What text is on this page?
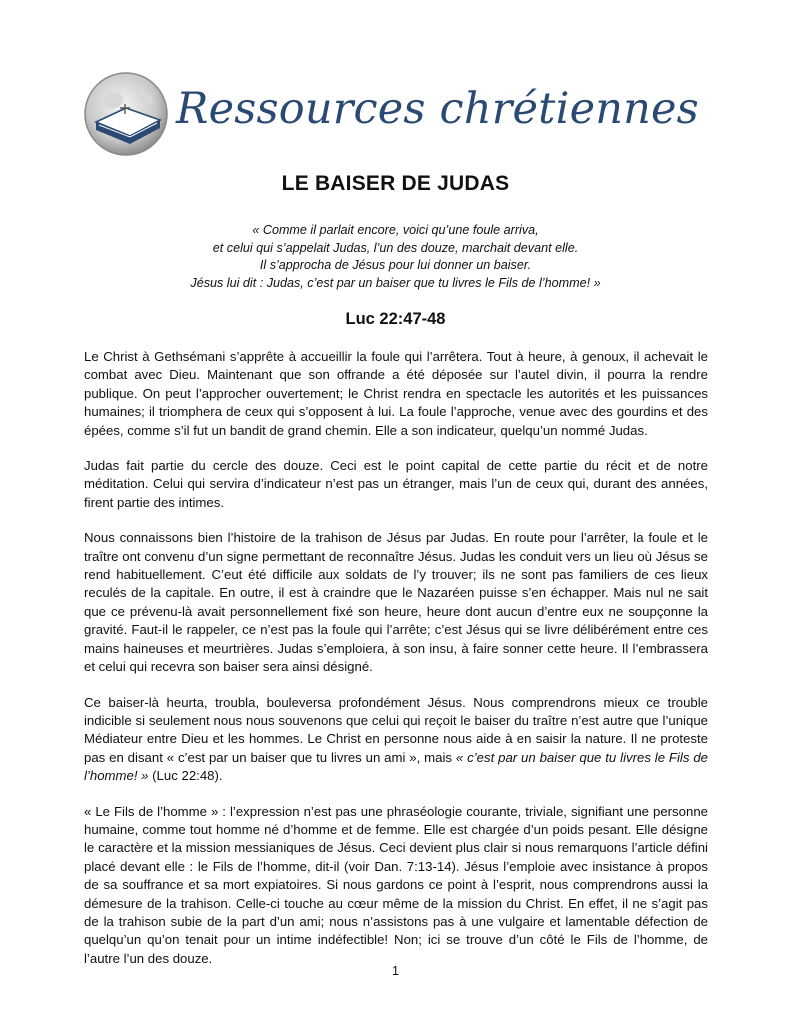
Ressources chrétiennes
LE BAISER DE JUDAS
« Comme il parlait encore, voici qu’une foule arriva,
et celui qui s’appelait Judas, l’un des douze, marchait devant elle.
Il s’approcha de Jésus pour lui donner un baiser.
Jésus lui dit : Judas, c’est par un baiser que tu livres le Fils de l’homme! »
Luc 22:47-48

Le Christ à Gethsémani s’apprête à accueillir la foule qui l’arrêtera. Tout à heure, à genoux, il achevait le combat avec Dieu. Maintenant que son offrande a été déposée sur l’autel divin, il pourra la rendre publique. On peut l’approcher ouvertement; le Christ rendra en spectacle les autorités et les puissances humaines; il triomphera de ceux qui s’opposent à lui. La foule l’approche, venue avec des gourdins et des épées, comme s’il fut un bandit de grand chemin. Elle a son indicateur, quelqu’un nommé Judas.

Judas fait partie du cercle des douze. Ceci est le point capital de cette partie du récit et de notre méditation. Celui qui servira d’indicateur n’est pas un étranger, mais l’un de ceux qui, durant des années, firent partie des intimes.

Nous connaissons bien l’histoire de la trahison de Jésus par Judas. En route pour l’arrêter, la foule et le traître ont convenu d’un signe permettant de reconnaître Jésus. Judas les conduit vers un lieu où Jésus se rend habituellement. C’eut été difficile aux soldats de l’y trouver; ils ne sont pas familiers de ces lieux reculés de la capitale. En outre, il est à craindre que le Nazaréen puisse s’en échapper. Mais nul ne sait que ce prévenu-là avait personnellement fixé son heure, heure dont aucun d’entre eux ne soupçonne la gravité. Faut-il le rappeler, ce n’est pas la foule qui l’arrête; c’est Jésus qui se livre délibérément entre ces mains haineuses et meurtrières. Judas s’emploiera, à son insu, à faire sonner cette heure. Il l’embrassera et celui qui recevra son baiser sera ainsi désigné.

Ce baiser-là heurta, troubla, bouleversa profondément Jésus. Nous comprendrons mieux ce trouble indicible si seulement nous nous souvenons que celui qui reçoit le baiser du traître n’est autre que l’unique Médiateur entre Dieu et les hommes. Le Christ en personne nous aide à en saisir la nature. Il ne proteste pas en disant « c’est par un baiser que tu livres un ami », mais « c’est par un baiser que tu livres le Fils de l’homme! » (Luc 22:48).

« Le Fils de l’homme » : l’expression n’est pas une phraséologie courante, triviale, signifiant une personne humaine, comme tout homme né d’homme et de femme. Elle est chargée d’un poids pesant. Elle désigne le caractère et la mission messianiques de Jésus. Ceci devient plus clair si nous remarquons l’article défini placé devant elle : le Fils de l’homme, dit-il (voir Dan. 7:13-14). Jésus l’emploie avec insistance à propos de sa souffrance et sa mort expiatoires. Si nous gardons ce point à l’esprit, nous comprendrons aussi la démesure de la trahison. Celle-ci touche au cœur même de la mission du Christ. En effet, il ne s’agit pas de la trahison subie de la part d’un ami; nous n’assistons pas à une vulgaire et lamentable défection de quelqu’un qu’on tenait pour un intime indéfectible! Non; ici se trouve d’un côté le Fils de l’homme, de l’autre l’un des douze.

1
